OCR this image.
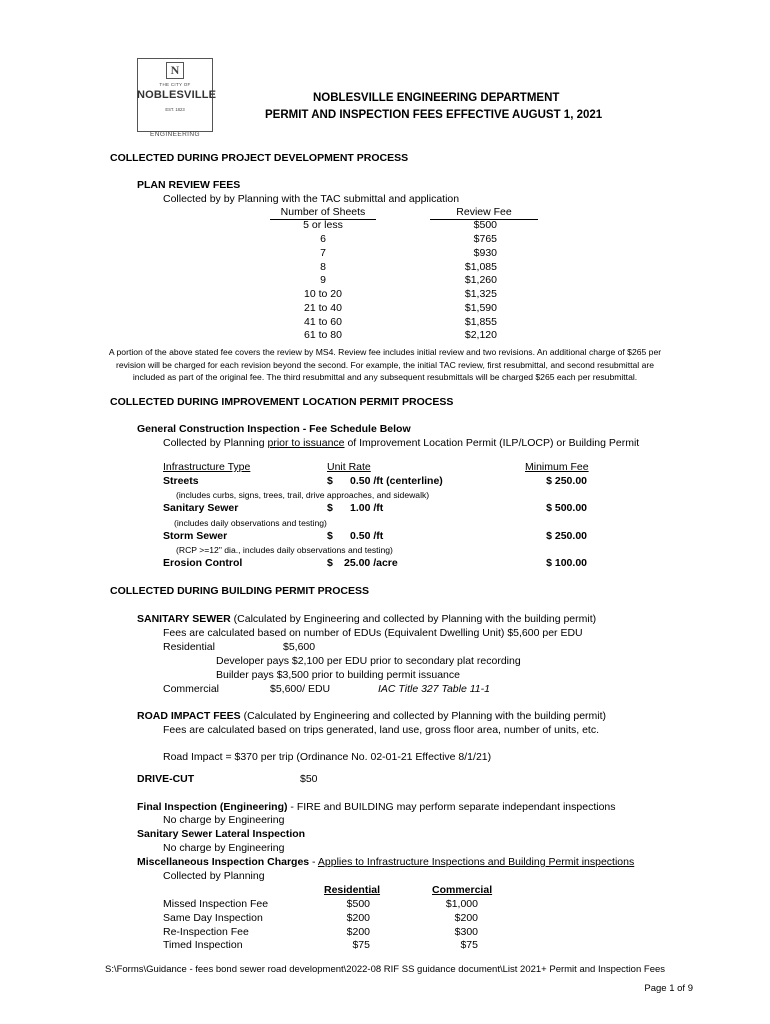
N
THE CITY OF
NOBLESVILLE
EST. 1823
ENGINEERING
NOBLESVILLE ENGINEERING DEPARTMENT
PERMIT AND INSPECTION FEES EFFECTIVE AUGUST 1, 2021
COLLECTED DURING PROJECT DEVELOPMENT PROCESS
PLAN REVIEW FEES
Collected by by Planning with the TAC submittal and application
Number of Sheets	Review Fee
5 or less	$500
6	$765
7	$930
8	$1,085
9	$1,260
10 to 20	$1,325
21 to 40	$1,590
41 to 60	$1,855
61 to 80	$2,120
A portion of the above stated fee covers the review by MS4. Review fee includes initial review and two revisions. An additional charge of $265 per revision will be charged for each revision beyond the second. For example, the initial TAC review, first resubmittal, and second resubmittal are included as part of the original fee. The third resubmittal and any subsequent resubmittals will be charged $265 each per resubmittal.
COLLECTED DURING IMPROVEMENT LOCATION PERMIT PROCESS
General Construction Inspection - Fee Schedule Below
Collected by Planning prior to issuance of Improvement Location Permit (ILP/LOCP) or Building Permit
Infrastructure Type	Unit Rate	Minimum Fee
Streets	$ 0.50 /ft (centerline)	$ 250.00
(includes curbs, signs, trees, trail, drive approaches, and sidewalk)
Sanitary Sewer	$ 1.00 /ft	$ 500.00
(includes daily observations and testing)
Storm Sewer	$ 0.50 /ft	$ 250.00
(RCP >=12" dia., includes daily observations and testing)
Erosion Control	$ 25.00 /acre	$ 100.00
COLLECTED DURING BUILDING PERMIT PROCESS
SANITARY SEWER (Calculated by Engineering and collected by Planning with the building permit)
Fees are calculated based on number of EDUs (Equivalent Dwelling Unit) $5,600 per EDU
Residential	$5,600
Developer pays $2,100 per EDU prior to secondary plat recording
Builder pays $3,500 prior to building permit issuance
Commercial	$5,600/ EDU	IAC Title 327 Table 11-1
ROAD IMPACT FEES (Calculated by Engineering and collected by Planning with the building permit)
Fees are calculated based on trips generated, land use, gross floor area, number of units, etc.
Road Impact = $370 per trip (Ordinance No. 02-01-21 Effective 8/1/21)
DRIVE-CUT	$50
Final Inspection (Engineering) - FIRE and BUILDING may perform separate independant inspections
No charge by Engineering
Sanitary Sewer Lateral Inspection
No charge by Engineering
Miscellaneous Inspection Charges - Applies to Infrastructure Inspections and Building Permit inspections
Collected by Planning
Residential	Commercial
Missed Inspection Fee	$500	$1,000
Same Day Inspection	$200	$200
Re-Inspection Fee	$200	$300
Timed Inspection	$75	$75
S:\Forms\Guidance - fees bond sewer road development\2022-08 RIF SS guidance document\List 2021+ Permit and Inspection Fees
Page 1 of 9
